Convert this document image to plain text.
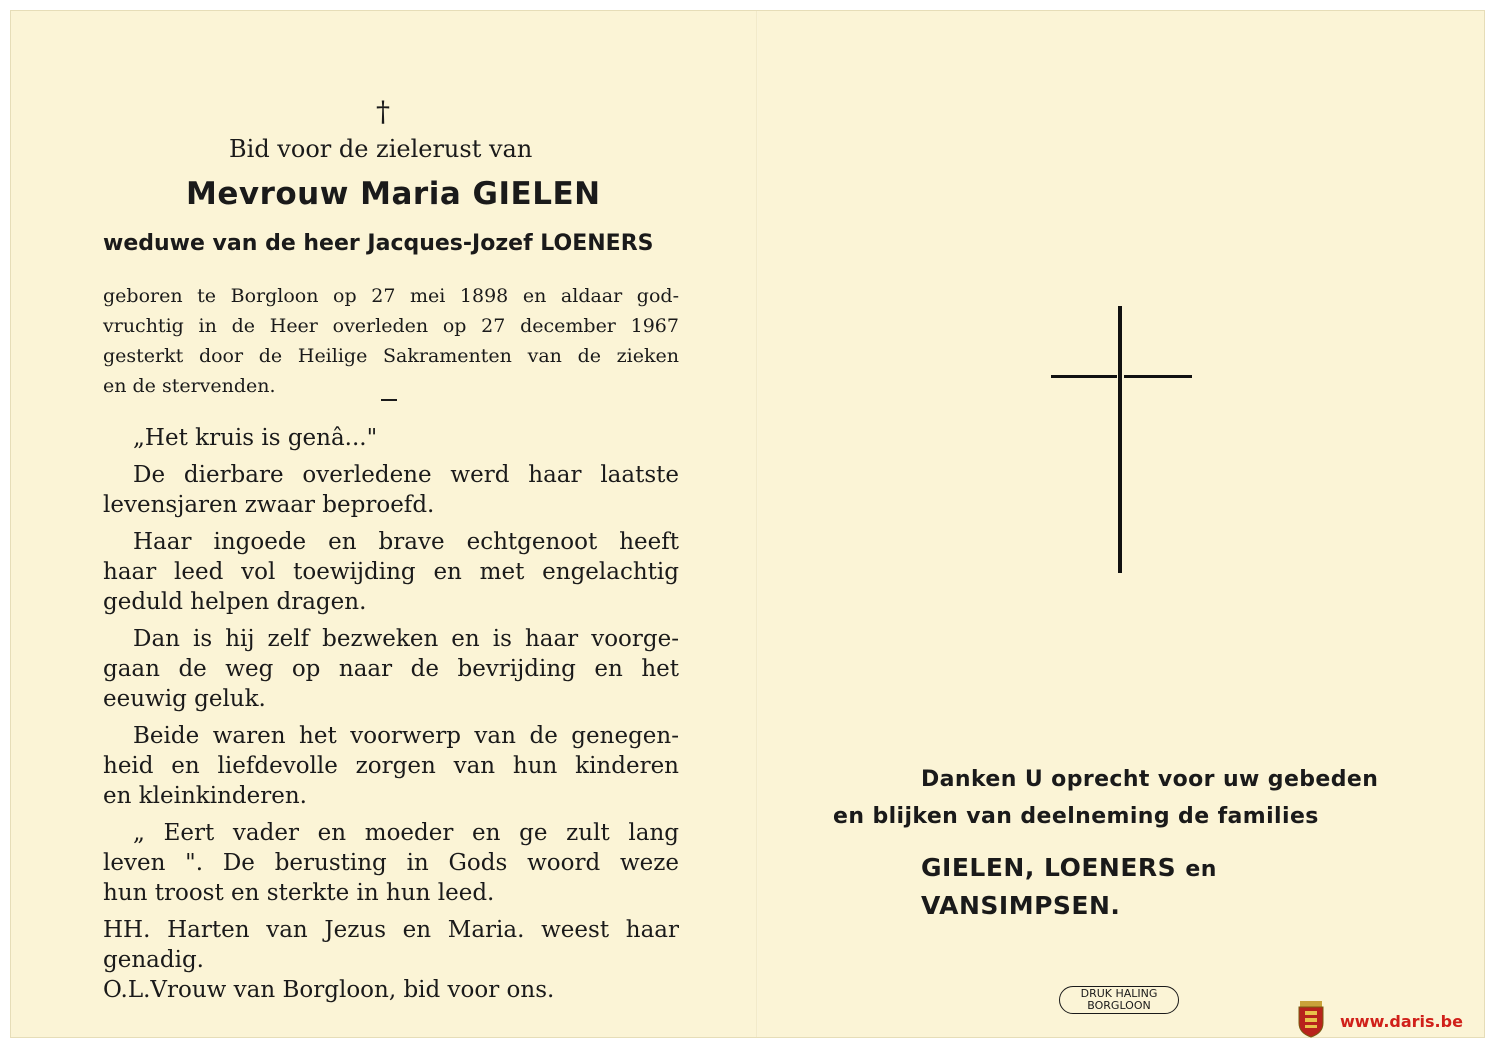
†
Bid voor de zielerust van
Mevrouw Maria GIELEN
weduwe van de heer Jacques-Jozef LOENERS
geboren te Borgloon op 27 mei 1898 en aldaar god-
vruchtig in de Heer overleden op 27 december 1967
gesterkt door de Heilige Sakramenten van de zieken
en de stervenden.

„Het kruis is genâ..."

De dierbare overledene werd haar laatste
levensjaren zwaar beproefd.

Haar ingoede en brave echtgenoot heeft
haar leed vol toewijding en met engelachtig
geduld helpen dragen.

Dan is hij zelf bezweken en is haar voorge-
gaan de weg op naar de bevrijding en het
eeuwig geluk.

Beide waren het voorwerp van de genegen-
heid en liefdevolle zorgen van hun kinderen
en kleinkinderen.

„ Eert vader en moeder en ge zult lang
leven ". De berusting in Gods woord weze
hun troost en sterkte in hun leed.

HH. Harten van Jezus en Maria. weest haar
genadig.
O.L.Vrouw van Borgloon, bid voor ons.

Danken U oprecht voor uw gebeden
en blijken van deelneming de families
GIELEN, LOENERS en
VANSIMPSEN.
DRUK HALING
BORGLOON
www.daris.be
